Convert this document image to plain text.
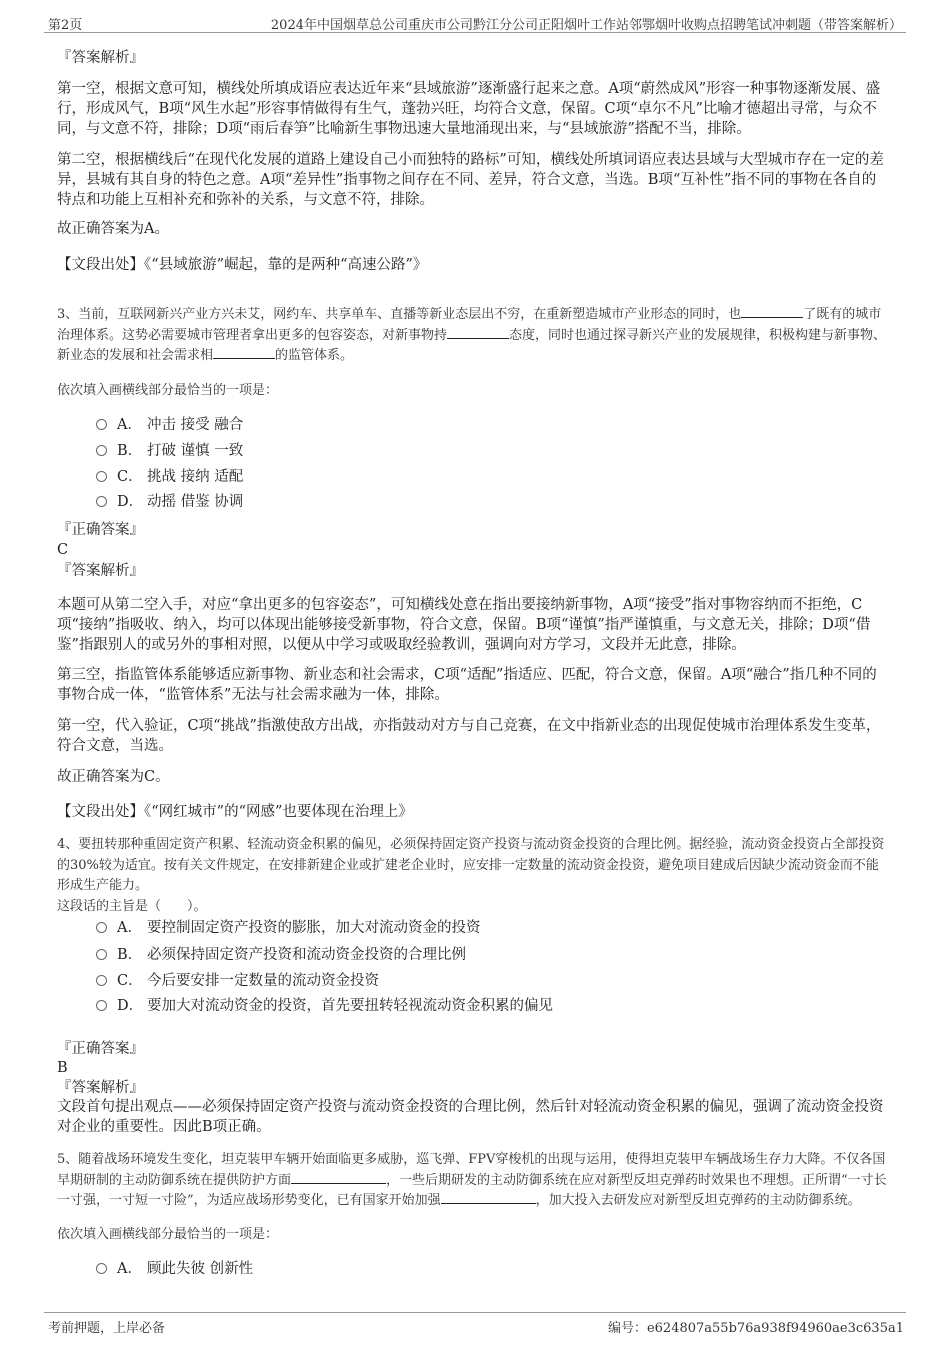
第2页	2024年中国烟草总公司重庆市公司黔江分公司正阳烟叶工作站邻鄂烟叶收购点招聘笔试冲刺题（带答案解析）
『答案解析』

第一空，根据文意可知，横线处所填成语应表达近年来“县域旅游”逐渐盛行起来之意。A项“蔚然成风”形容一种事物逐渐发展、盛行，形成风气，B项“风生水起”形容事情做得有生气，蓬勃兴旺，均符合文意，保留。C项“卓尔不凡”比喻才德超出寻常，与众不同，与文意不符，排除；D项“雨后春笋”比喻新生事物迅速大量地涌现出来，与“县域旅游”搭配不当，排除。

第二空，根据横线后“在现代化发展的道路上建设自己小而独特的路标”可知，横线处所填词语应表达县域与大型城市存在一定的差异，县城有其自身的特色之意。A项“差异性”指事物之间存在不同、差异，符合文意，当选。B项“互补性”指不同的事物在各自的特点和功能上互相补充和弥补的关系，与文意不符，排除。

故正确答案为A。

【文段出处】《“县域旅游”崛起，靠的是两种“高速公路”》

3、当前，互联网新兴产业方兴未艾，网约车、共享单车、直播等新业态层出不穷，在重新塑造城市产业形态的同时，也	了既有的城市治理体系。这势必需要城市管理者拿出更多的包容姿态，对新事物持	态度，同时也通过探寻新兴产业的发展规律，积极构建与新事物、新业态的发展和社会需求相	的监管体系。

依次填入画横线部分最恰当的一项是：

A． 冲击 接受 融合
B． 打破 谨慎 一致
C． 挑战 接纳 适配
D． 动摇 借鉴 协调
『正确答案』
C
『答案解析』

本题可从第二空入手，对应“拿出更多的包容姿态”，可知横线处意在指出要接纳新事物，A项“接受”指对事物容纳而不拒绝，C项“接纳”指吸收、纳入，均可以体现出能够接受新事物，符合文意，保留。B项“谨慎”指严谨慎重，与文意无关，排除；D项“借鉴”指跟别人的或另外的事相对照，以便从中学习或吸取经验教训，强调向对方学习，文段并无此意，排除。

第三空，指监管体系能够适应新事物、新业态和社会需求，C项“适配”指适应、匹配，符合文意，保留。A项“融合”指几种不同的事物合成一体，“监管体系”无法与社会需求融为一体，排除。

第一空，代入验证，C项“挑战”指激使敌方出战，亦指鼓动对方与自己竞赛，在文中指新业态的出现促使城市治理体系发生变革，符合文意，当选。

故正确答案为C。

【文段出处】《“网红城市”的“网感”也要体现在治理上》

4、要扭转那种重固定资产积累、轻流动资金积累的偏见，必须保持固定资产投资与流动资金投资的合理比例。据经验，流动资金投资占全部投资的30%较为适宜。按有关文件规定，在安排新建企业或扩建老企业时，应安排一定数量的流动资金投资，避免项目建成后因缺少流动资金而不能形成生产能力。

这段话的主旨是（　　）。

A． 要控制固定资产投资的膨胀，加大对流动资金的投资
B． 必须保持固定资产投资和流动资金投资的合理比例
C． 今后要安排一定数量的流动资金投资
D． 要加大对流动资金的投资，首先要扭转轻视流动资金积累的偏见
『正确答案』
B
『答案解析』

文段首句提出观点——必须保持固定资产投资与流动资金投资的合理比例，然后针对轻流动资金积累的偏见，强调了流动资金投资对企业的重要性。因此B项正确。

5、随着战场环境发生变化，坦克装甲车辆开始面临更多威胁，巡飞弹、FPV穿梭机的出现与运用，使得坦克装甲车辆战场生存力大降。不仅各国早期研制的主动防御系统在提供防护方面	，一些后期研发的主动防御系统在应对新型反坦克弹药时效果也不理想。正所谓“一寸长一寸强，一寸短一寸险”，为适应战场形势变化，已有国家开始加强	，加大投入去研发应对新型反坦克弹药的主动防御系统。

依次填入画横线部分最恰当的一项是：

A． 顾此失彼 创新性
考前押题，上岸必备	编号：e624807a55b76a938f94960ae3c635a1
